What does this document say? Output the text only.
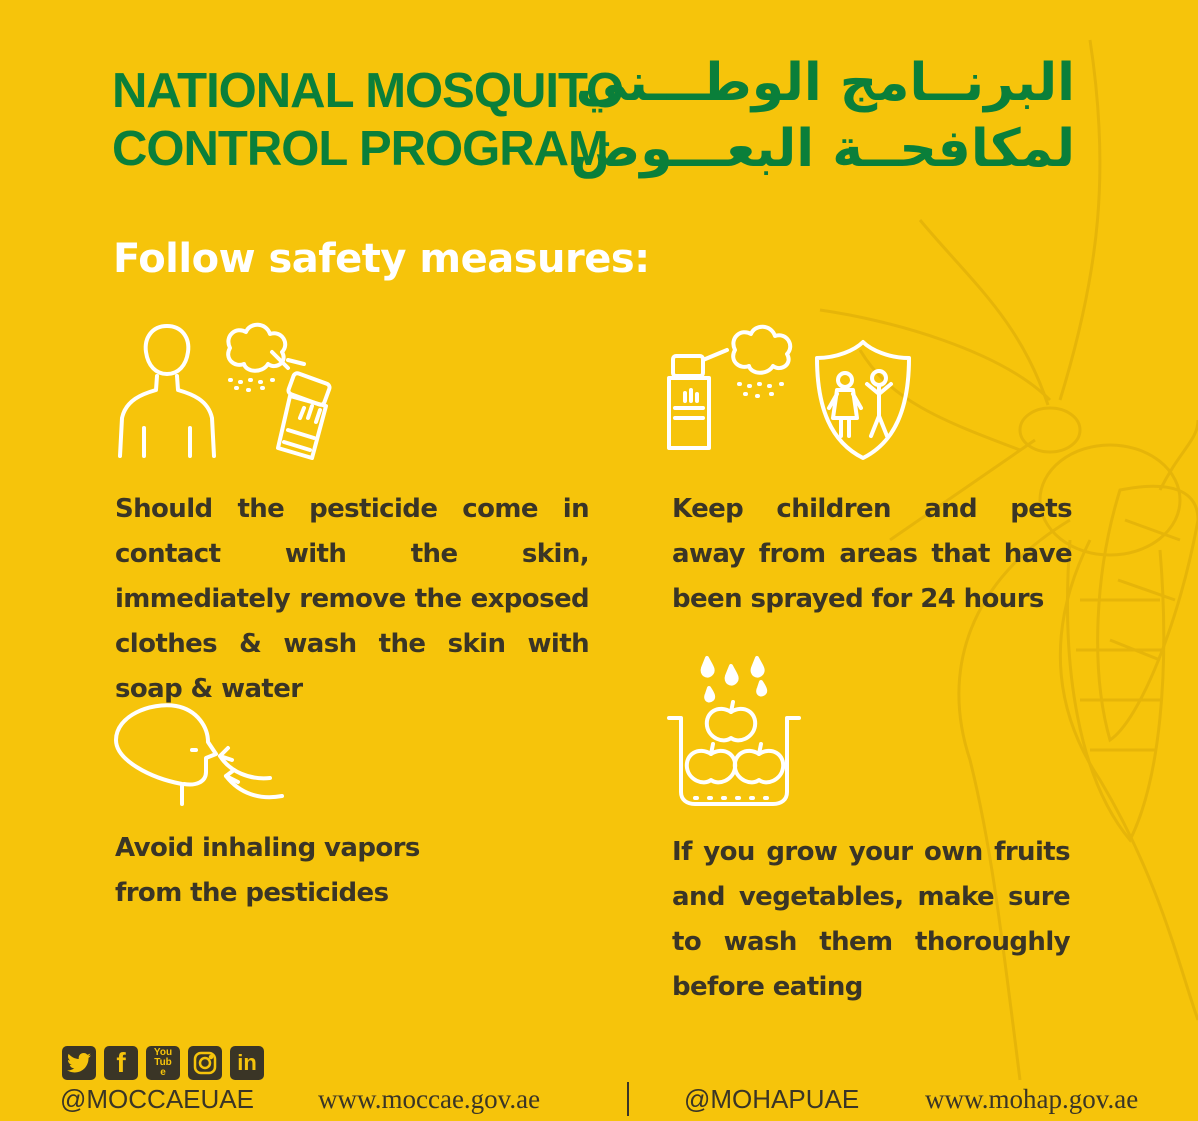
NATIONAL MOSQUITO
CONTROL PROGRAM
البرنــامج الوطـــني
لمكافحــة البعـــوض
Follow safety measures:
Should the pesticide come in contact with the skin, immediately remove the exposed clothes & wash the skin with soap & water
Keep children and pets away from areas that have been sprayed for 24 hours
Avoid inhaling vapors from the pesticides
If you grow your own fruits and vegetables, make sure to wash them thoroughly before eating
f	You Tube	in
@MOCCAEUAE www.moccae.gov.ae	@MOHAPUAE www.mohap.gov.ae
